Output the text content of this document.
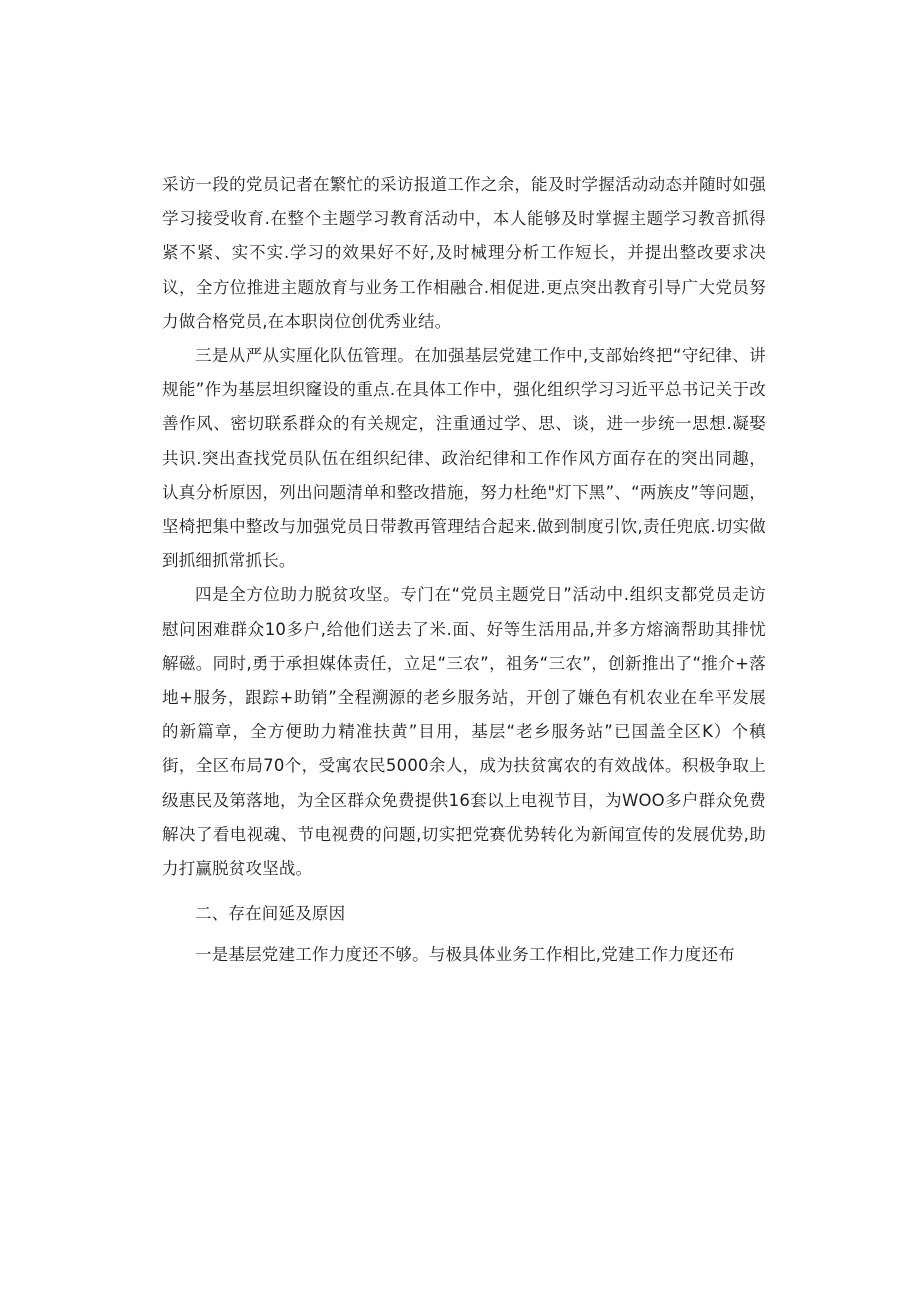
采访一段的党员记者在繁忙的采访报道工作之余，能及时学握活动动态并随时如强学习接受收育.在整个主题学习教育活动中，本人能够及时掌握主题学习教音抓得紧不紧、实不实.学习的效果好不好,及时械理分析工作短长，并提出整改要求决议，全方位推进主题放育与业务工作相融合.相促进.更点突出教育引导广大党员努力做合格党员,在本职岗位创优秀业结。

三是从严从实厘化队伍管理。在加强基层党建工作中,支部始终把“守纪律、讲规能”作为基层坦织窿设的重点.在具体工作中，强化组织学习习近平总书记关于改善作风、密切联系群众的有关规定，注重通过学、思、谈，进一步统一思想.凝娶共识.突出查找党员队伍在组织纪律、政治纪律和工作作风方面存在的突出同趣，认真分析原因，列出问题清单和整改措施，努力杜绝"灯下黑”、“两族皮”等问题，坚椅把集中整改与加强党员日带教再管理结合起来.做到制度引饮,责任兜底.切实做到抓细抓常抓长。

四是全方位助力脱贫攻坚。专门在“党员主题党日”活动中.组织支都党员走访慰问困难群众10多户,给他们送去了米.面、好等生活用品,并多方熔滴帮助其排忧解磁。同时,勇于承担媒体责任，立足“三农”，祖务“三农”，创新推出了“推介+落地+服务，跟踪+助销”全程溯源的老乡服务站，开创了嫌色有机农业在牟平发展的新篇章，全方便助力精准扶黄”目用，基层“老乡服务站”已国盖全区K）个稹街，全区布局70个，受寓农民5000余人，成为扶贫寓农的有效战体。积极争取上级惠民及第落地，为全区群众免费提供16套以上电视节目，为WOO多户群众免费解决了看电视魂、节电视费的问题,切实把党赛优势转化为新闻宣传的发展优势,助力打赢脱贫攻坚战。

二、存在间延及原因

一是基层党建工作力度还不够。与极具体业务工作相比,党建工作力度还布
